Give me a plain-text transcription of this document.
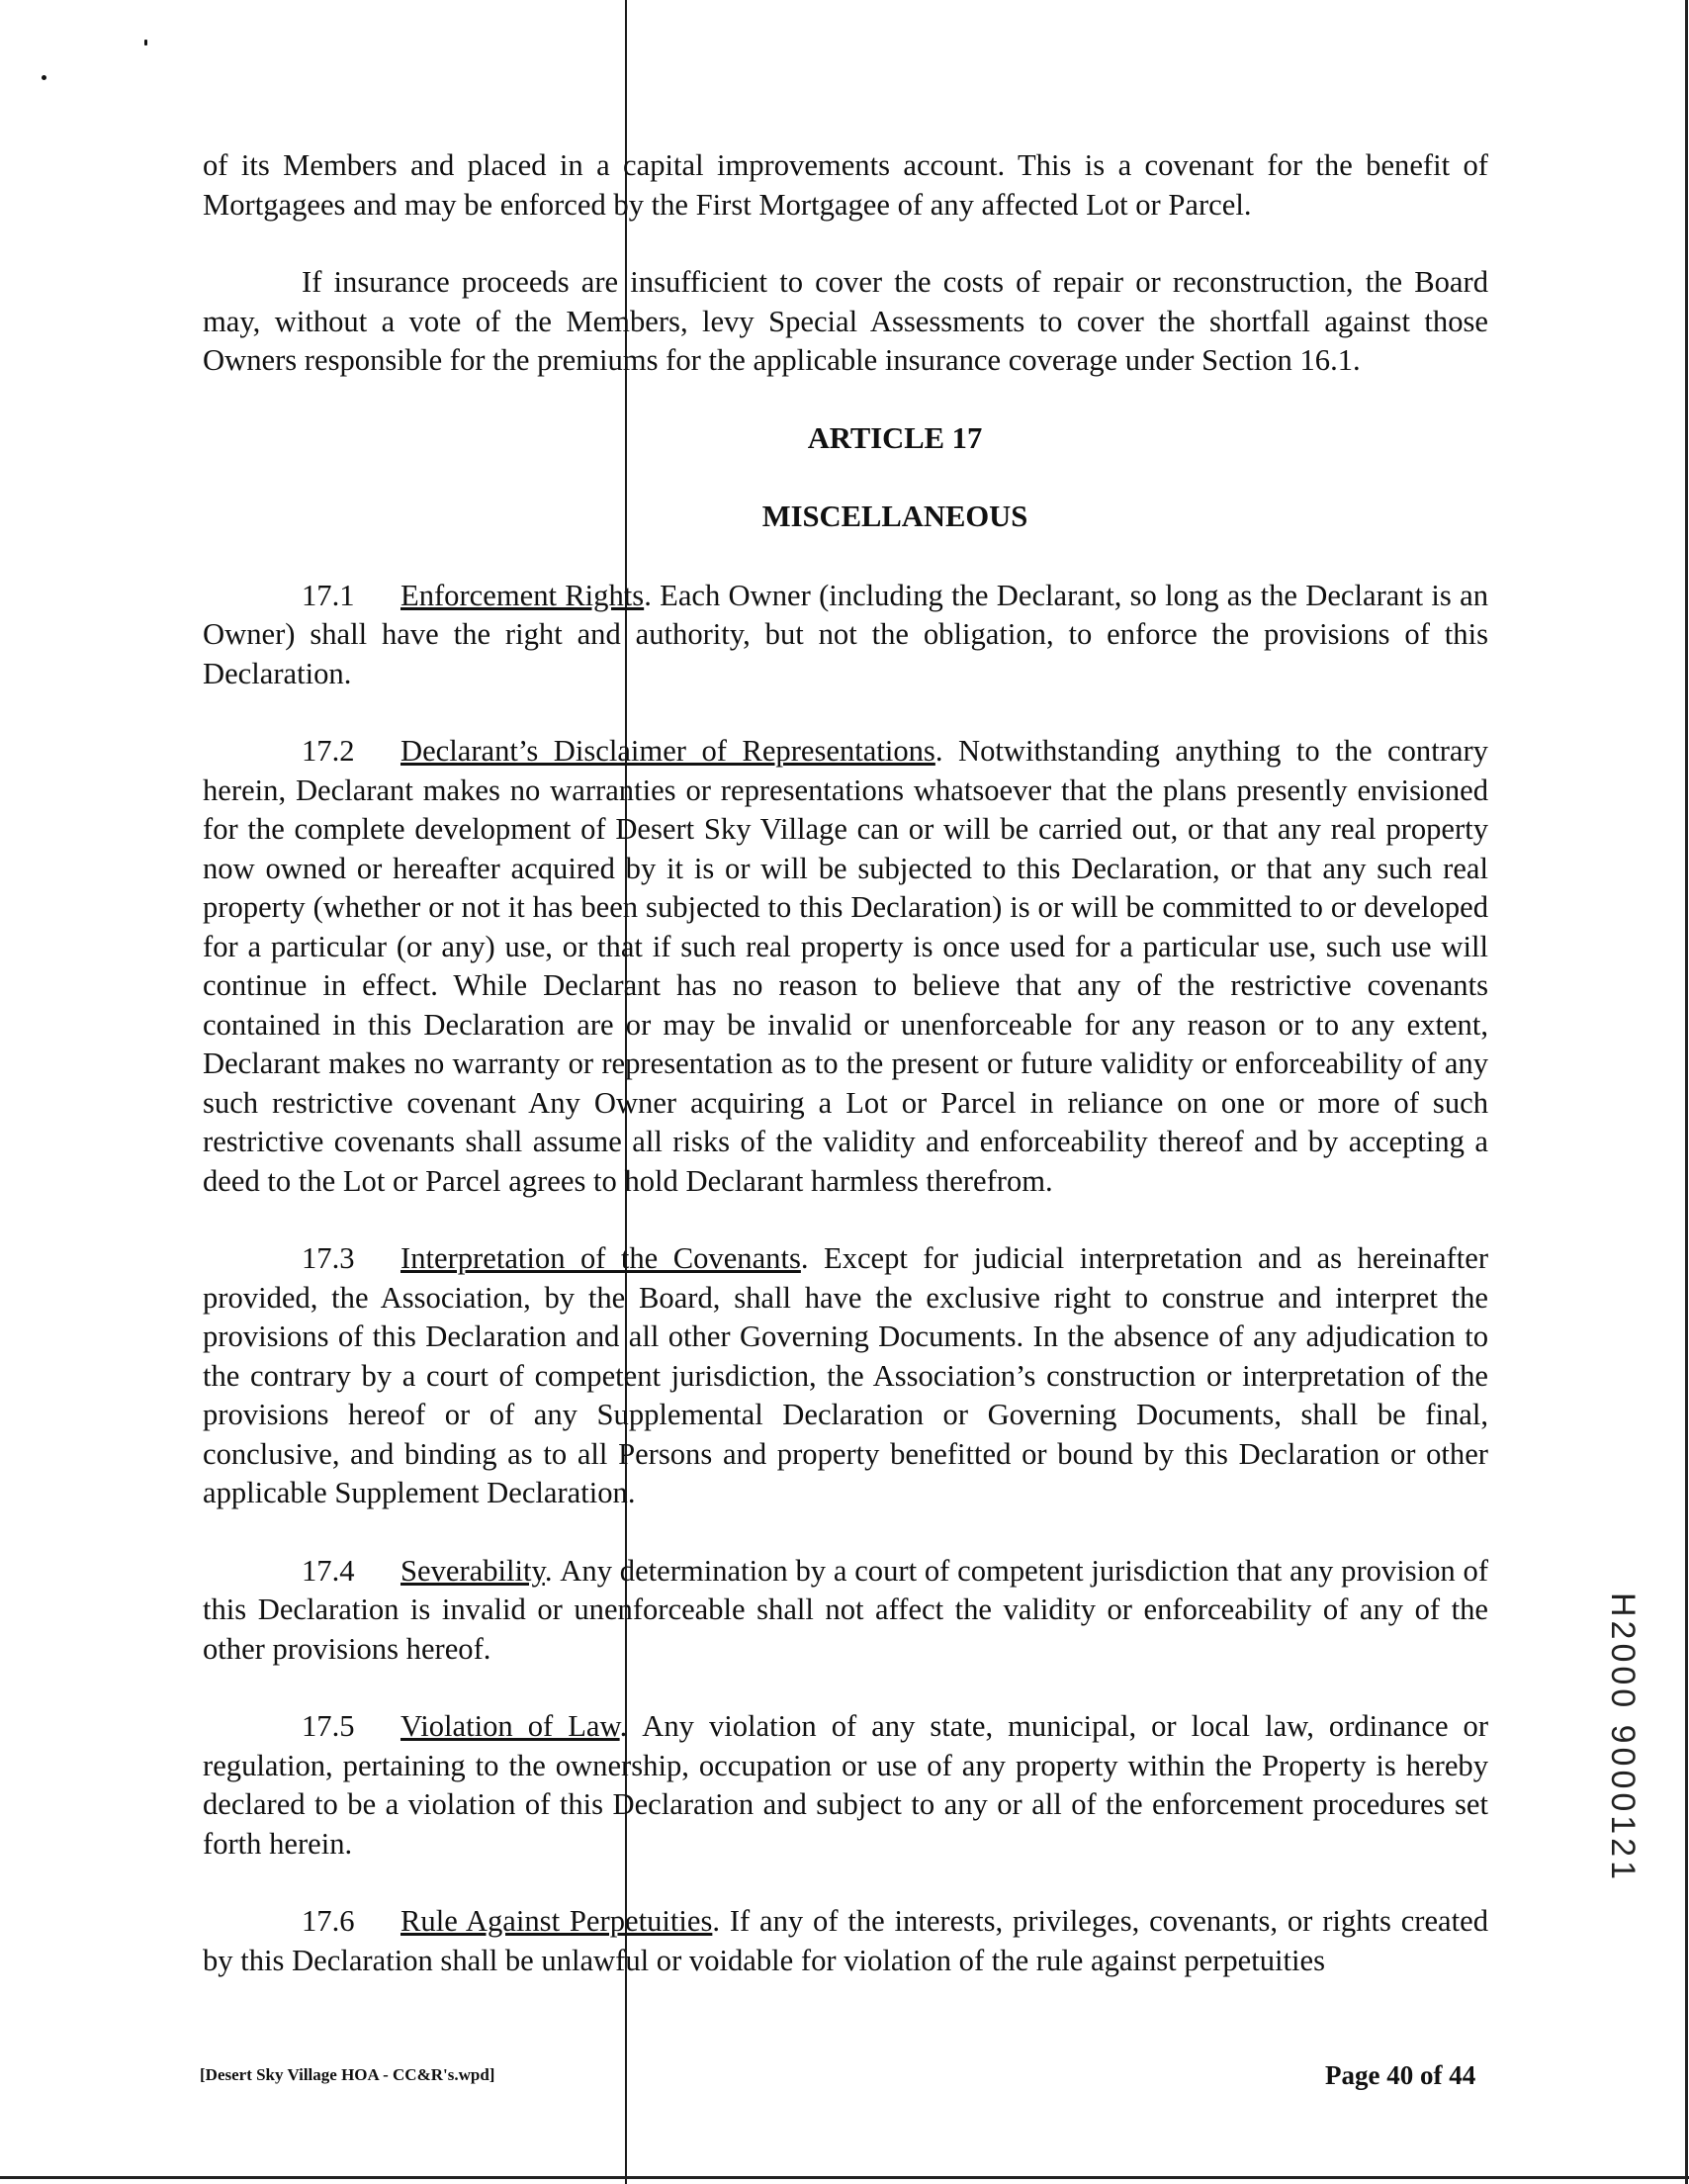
of its Members and placed in a capital improvements account. This is a covenant for the benefit of Mortgagees and may be enforced by the First Mortgagee of any affected Lot or Parcel.

If insurance proceeds are insufficient to cover the costs of repair or reconstruction, the Board may, without a vote of the Members, levy Special Assessments to cover the shortfall against those Owners responsible for the premiums for the applicable insurance coverage under Section 16.1.

ARTICLE 17

MISCELLANEOUS

17.1 Enforcement Rights. Each Owner (including the Declarant, so long as the Declarant is an Owner) shall have the right and authority, but not the obligation, to enforce the provisions of this Declaration.

17.2 Declarant’s Disclaimer of Representations. Notwithstanding anything to the contrary herein, Declarant makes no warranties or representations whatsoever that the plans presently envisioned for the complete development of Desert Sky Village can or will be carried out, or that any real property now owned or hereafter acquired by it is or will be subjected to this Declaration, or that any such real property (whether or not it has been subjected to this Declaration) is or will be committed to or developed for a particular (or any) use, or that if such real property is once used for a particular use, such use will continue in effect. While Declarant has no reason to believe that any of the restrictive covenants contained in this Declaration are or may be invalid or unenforceable for any reason or to any extent, Declarant makes no warranty or representation as to the present or future validity or enforceability of any such restrictive covenant Any Owner acquiring a Lot or Parcel in reliance on one or more of such restrictive covenants shall assume all risks of the validity and enforceability thereof and by accepting a deed to the Lot or Parcel agrees to hold Declarant harmless therefrom.

17.3 Interpretation of the Covenants. Except for judicial interpretation and as hereinafter provided, the Association, by the Board, shall have the exclusive right to construe and interpret the provisions of this Declaration and all other Governing Documents. In the absence of any adjudication to the contrary by a court of competent jurisdiction, the Association’s construction or interpretation of the provisions hereof or of any Supplemental Declaration or Governing Documents, shall be final, conclusive, and binding as to all Persons and property benefitted or bound by this Declaration or other applicable Supplement Declaration.

17.4 Severability. Any determination by a court of competent jurisdiction that any provision of this Declaration is invalid or unenforceable shall not affect the validity or enforceability of any of the other provisions hereof.

17.5 Violation of Law. Any violation of any state, municipal, or local law, ordinance or regulation, pertaining to the ownership, occupation or use of any property within the Property is hereby declared to be a violation of this Declaration and subject to any or all of the enforcement procedures set forth herein.

17.6 Rule Against Perpetuities. If any of the interests, privileges, covenants, or rights created by this Declaration shall be unlawful or voidable for violation of the rule against perpetuities

[Desert Sky Village HOA - CC&R's.wpd]	Page 40 of 44
H2000 9000121
